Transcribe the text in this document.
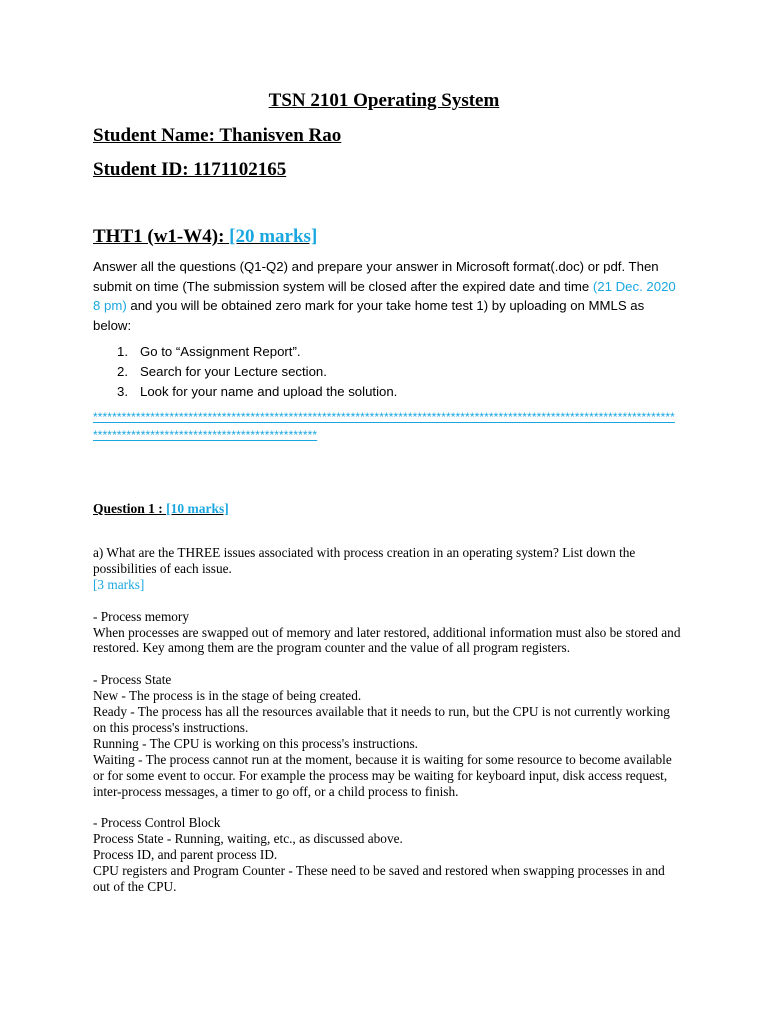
TSN 2101 Operating System
Student Name: Thanisven Rao
Student ID: 1171102165
THT1 (w1-W4): [20 marks]

Answer all the questions (Q1-Q2) and prepare your answer in Microsoft format(.doc) or pdf. Then submit on time (The submission system will be closed after the expired date and time (21 Dec. 2020 8 pm) and you will be obtained zero mark for your take home test 1) by uploading on MMLS as below:

1. Go to “Assignment Report”.
2. Search for your Lecture section.
3. Look for your name and upload the solution.
*************************************************************************************************************************************************************************
Question 1 : [10 marks]

a) What are the THREE issues associated with process creation in an operating system? List down the possibilities of each issue.

[3 marks]

- Process memory

When processes are swapped out of memory and later restored, additional information must also be stored and restored. Key among them are the program counter and the value of all program registers.

- Process State

New - The process is in the stage of being created.

Ready - The process has all the resources available that it needs to run, but the CPU is not currently working on this process's instructions.

Running - The CPU is working on this process's instructions.

Waiting - The process cannot run at the moment, because it is waiting for some resource to become available or for some event to occur. For example the process may be waiting for keyboard input, disk access request, inter-process messages, a timer to go off, or a child process to finish.

- Process Control Block

Process State - Running, waiting, etc., as discussed above.

Process ID, and parent process ID.

CPU registers and Program Counter - These need to be saved and restored when swapping processes in and out of the CPU.
